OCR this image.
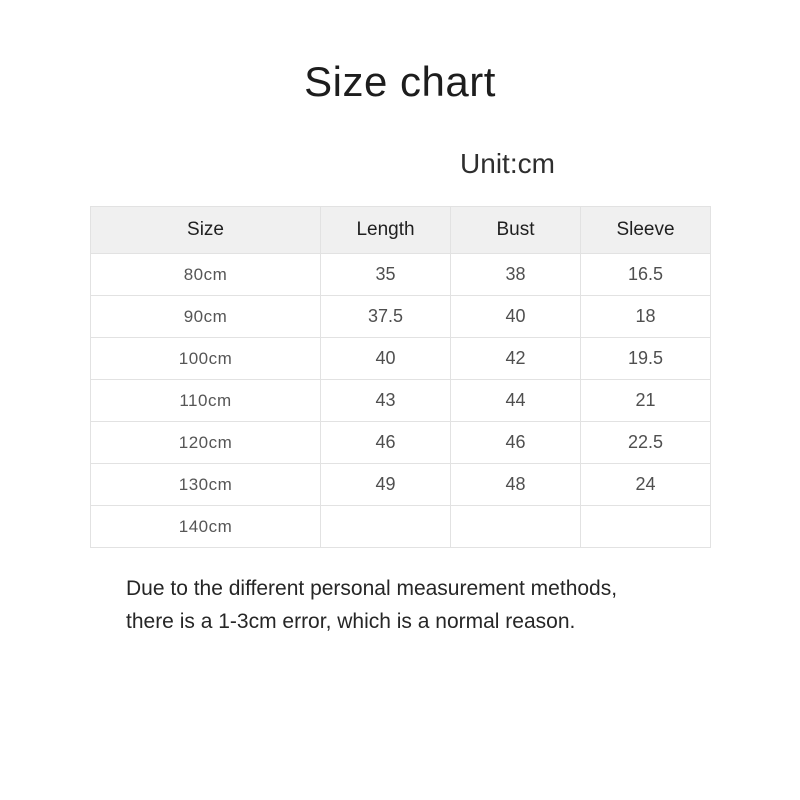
Size chart
Unit:cm
Size	Length	Bust	Sleeve
80cm	35	38	16.5
90cm	37.5	40	18
100cm	40	42	19.5
110cm	43	44	21
120cm	46	46	22.5
130cm	49	48	24
140cm			
Due to the different personal measurement methods,
there is a 1-3cm error, which is a normal reason.
